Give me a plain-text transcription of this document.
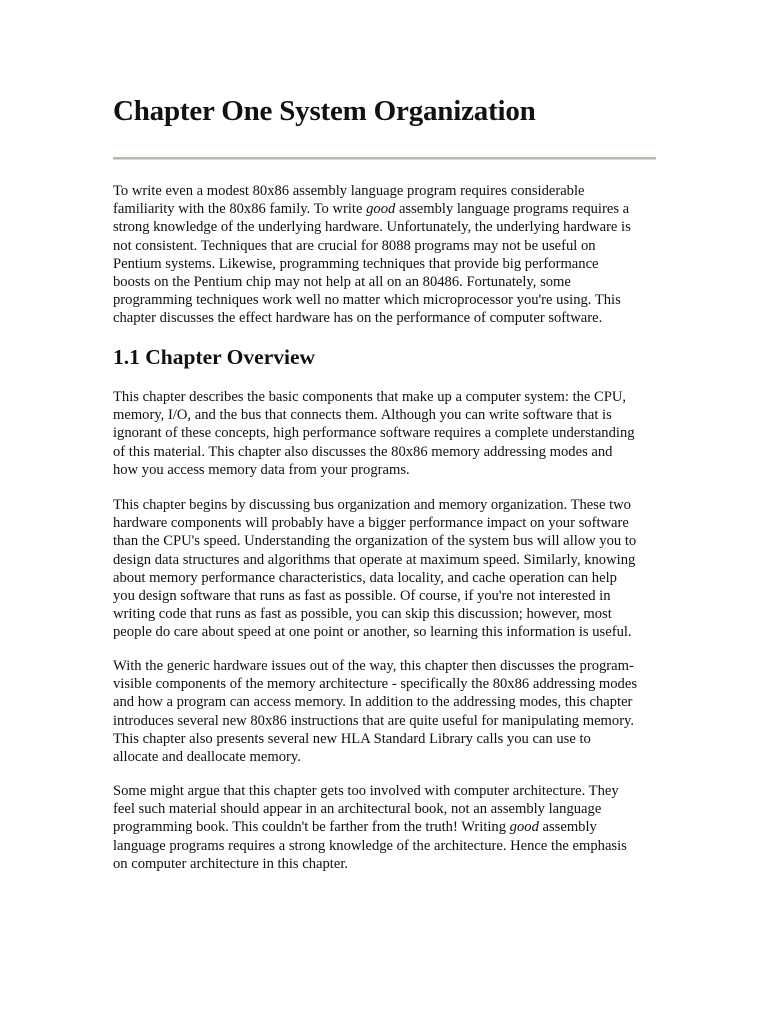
Chapter One System Organization
To write even a modest 80x86 assembly language program requires considerable
familiarity with the 80x86 family. To write good assembly language programs requires a
strong knowledge of the underlying hardware. Unfortunately, the underlying hardware is
not consistent. Techniques that are crucial for 8088 programs may not be useful on
Pentium systems. Likewise, programming techniques that provide big performance
boosts on the Pentium chip may not help at all on an 80486. Fortunately, some
programming techniques work well no matter which microprocessor you're using. This
chapter discusses the effect hardware has on the performance of computer software.
1.1 Chapter Overview
This chapter describes the basic components that make up a computer system: the CPU,
memory, I/O, and the bus that connects them. Although you can write software that is
ignorant of these concepts, high performance software requires a complete understanding
of this material. This chapter also discusses the 80x86 memory addressing modes and
how you access memory data from your programs.
This chapter begins by discussing bus organization and memory organization. These two
hardware components will probably have a bigger performance impact on your software
than the CPU's speed. Understanding the organization of the system bus will allow you to
design data structures and algorithms that operate at maximum speed. Similarly, knowing
about memory performance characteristics, data locality, and cache operation can help
you design software that runs as fast as possible. Of course, if you're not interested in
writing code that runs as fast as possible, you can skip this discussion; however, most
people do care about speed at one point or another, so learning this information is useful.
With the generic hardware issues out of the way, this chapter then discusses the program-
visible components of the memory architecture - specifically the 80x86 addressing modes
and how a program can access memory. In addition to the addressing modes, this chapter
introduces several new 80x86 instructions that are quite useful for manipulating memory.
This chapter also presents several new HLA Standard Library calls you can use to
allocate and deallocate memory.
Some might argue that this chapter gets too involved with computer architecture. They
feel such material should appear in an architectural book, not an assembly language
programming book. This couldn't be farther from the truth! Writing good assembly
language programs requires a strong knowledge of the architecture. Hence the emphasis
on computer architecture in this chapter.
